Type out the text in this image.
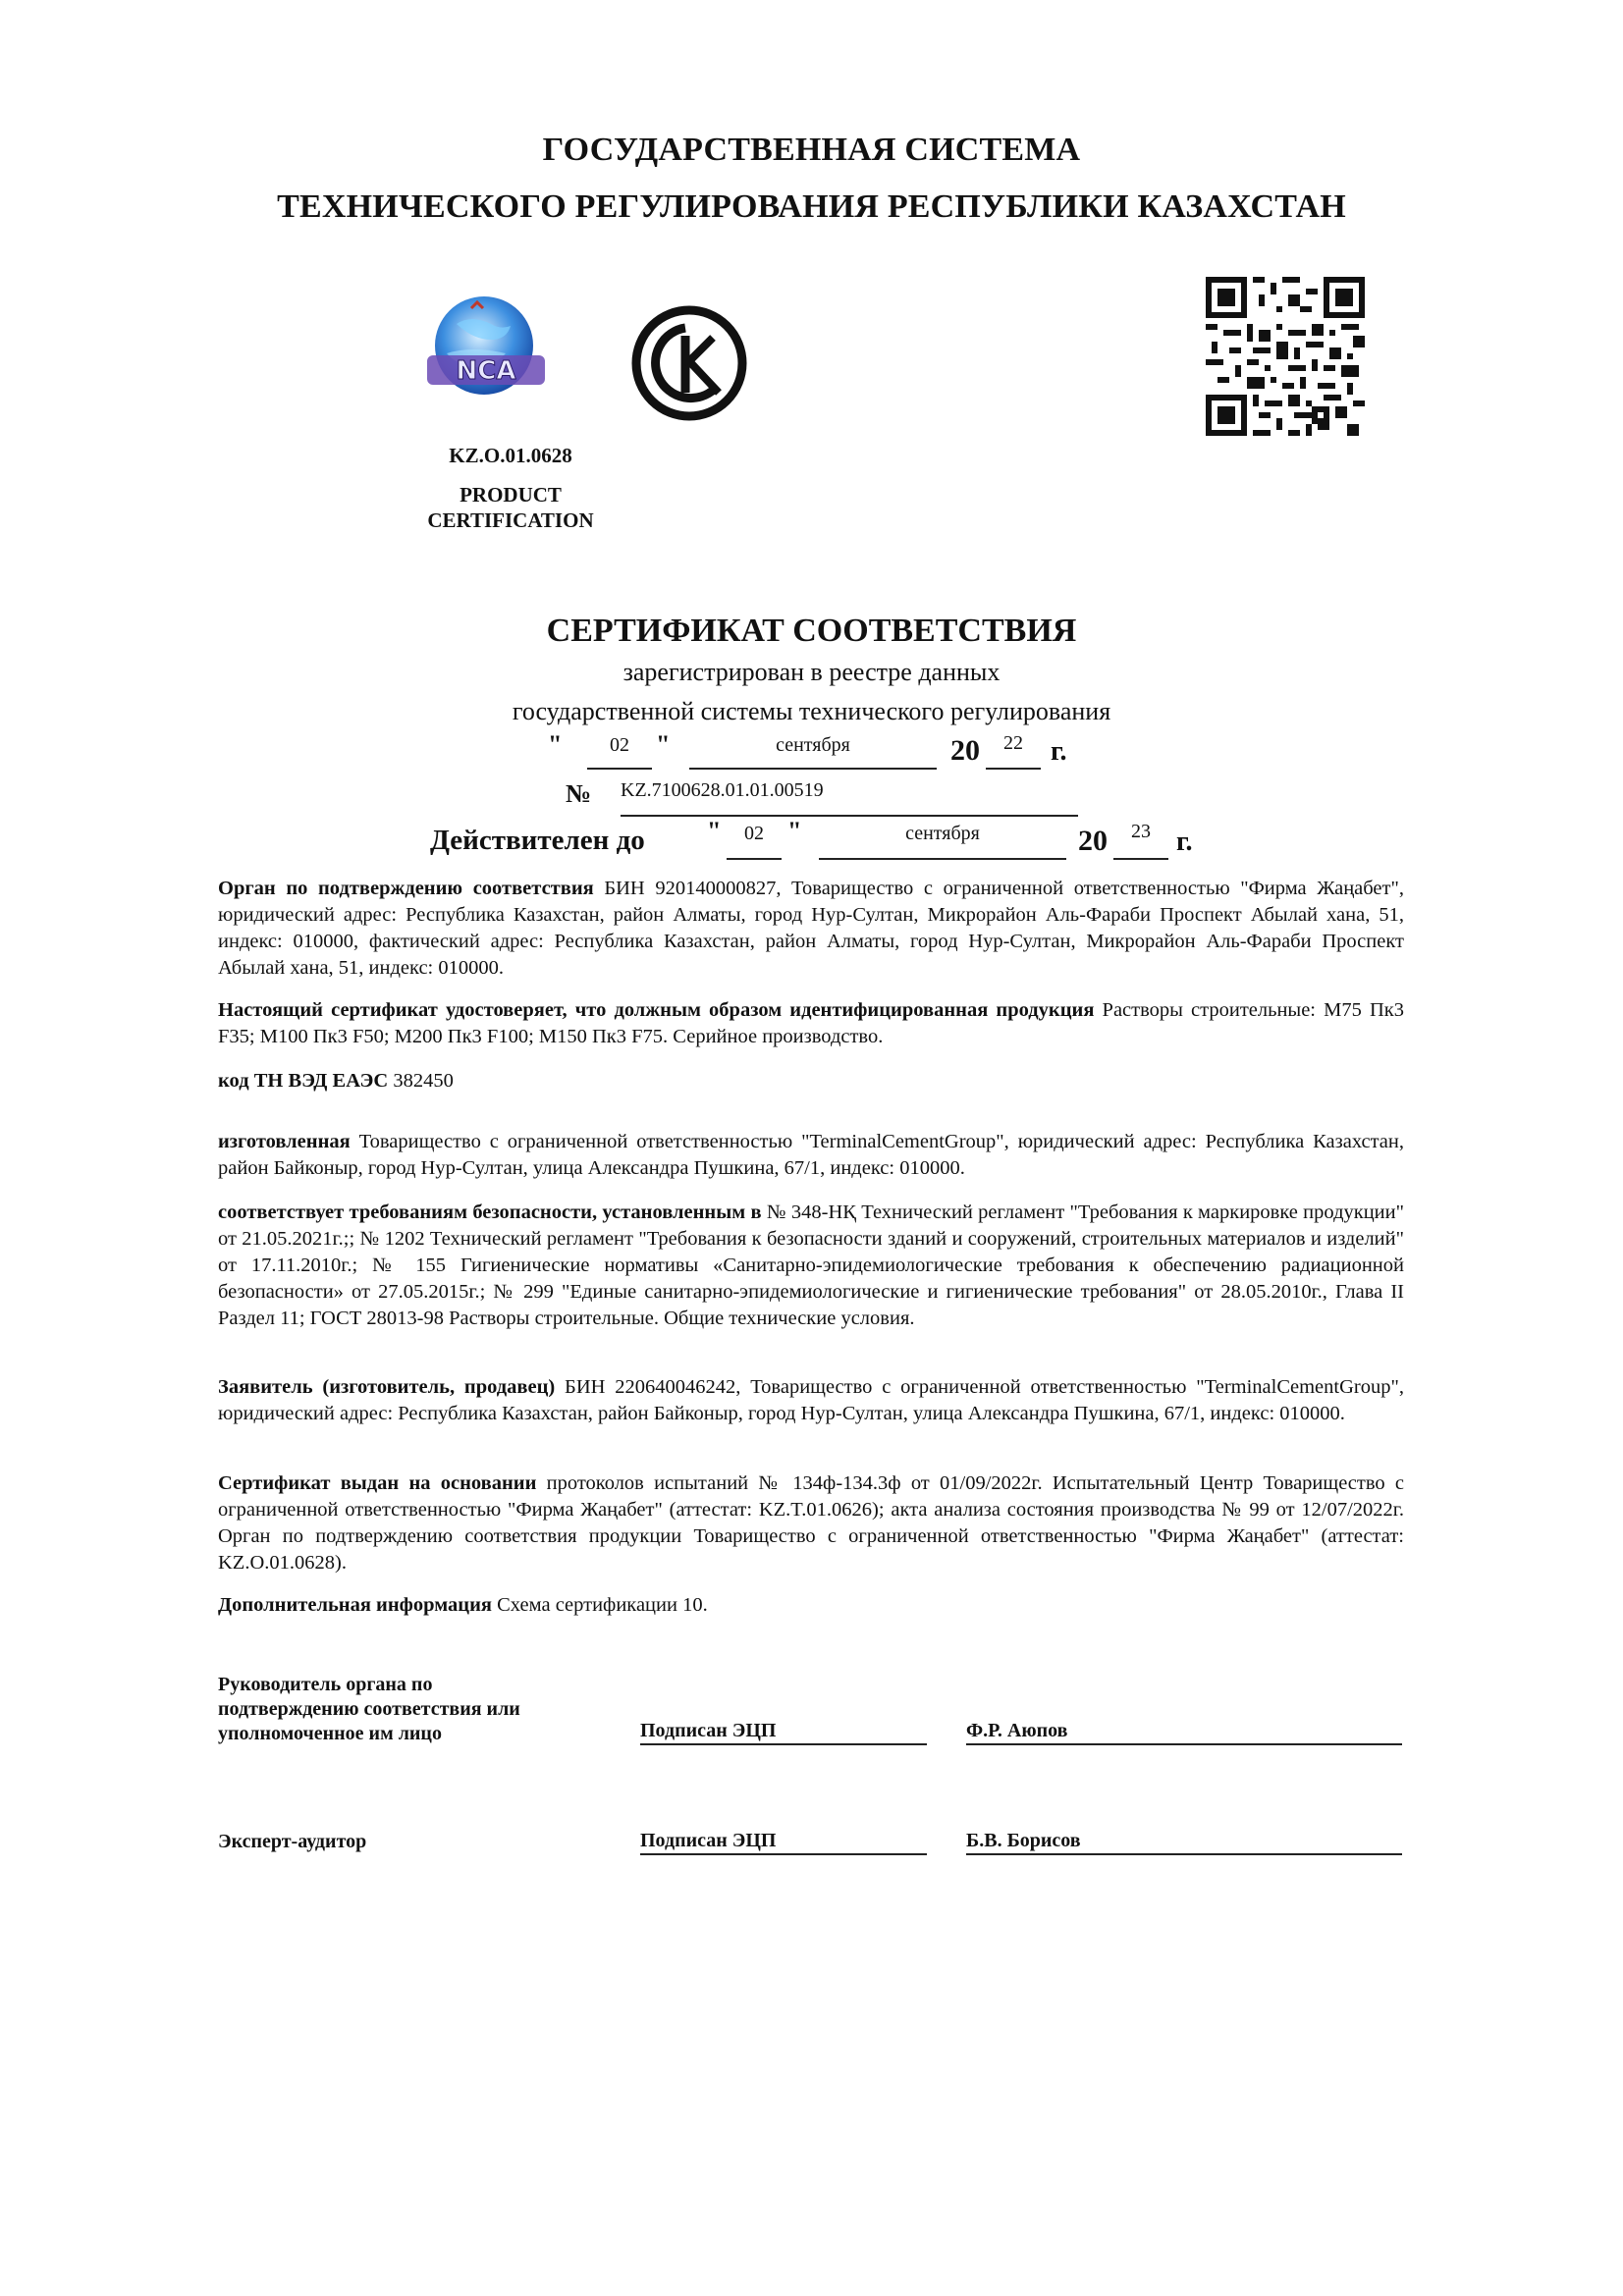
ГОСУДАРСТВЕННАЯ СИСТЕМА
ТЕХНИЧЕСКОГО РЕГУЛИРОВАНИЯ РЕСПУБЛИКИ КАЗАХСТАН
NCA
KZ.O.01.0628
PRODUCT
CERTIFICATION
СЕРТИФИКАТ СООТВЕТСТВИЯ
зарегистрирован в реестре данных
государственной системы технического регулирования
"	02	"	сентября	20	22	г.
№ KZ.7100628.01.01.00519
Действителен до "	02 "	сентября	20	23 г.
Орган по подтверждению соответствия БИН 920140000827, Товарищество с ограниченной ответственностью "Фирма Жаңабет", юридический адрес: Республика Казахстан, район Алматы, город Нур-Султан, Микрорайон Аль-Фараби Проспект Абылай хана, 51, индекс: 010000, фактический адрес: Республика Казахстан, район Алматы, город Нур-Султан, Микрорайон Аль-Фараби Проспект Абылай хана, 51, индекс: 010000.
Настоящий сертификат удостоверяет, что должным образом идентифицированная продукция Растворы строительные: М75 Пк3 F35; М100 Пк3 F50; М200 Пк3 F100; М150 Пк3 F75. Серийное производство.
код ТН ВЭД ЕАЭС 382450
изготовленная Товарищество с ограниченной ответственностью "TerminalCementGroup", юридический адрес: Республика Казахстан, район Байконыр, город Нур-Султан, улица Александра Пушкина, 67/1, индекс: 010000.
соответствует требованиям безопасности, установленным в № 348-НҚ Технический регламент "Требования к маркировке продукции" от 21.05.2021г.;; № 1202 Технический регламент "Требования к безопасности зданий и сооружений, строительных материалов и изделий" от 17.11.2010г.; № 155 Гигиенические нормативы «Санитарно-эпидемиологические требования к обеспечению радиационной безопасности» от 27.05.2015г.; № 299 "Единые санитарно-эпидемиологические и гигиенические требования" от 28.05.2010г., Глава II Раздел 11; ГОСТ 28013-98 Растворы строительные. Общие технические условия.
Заявитель (изготовитель, продавец) БИН 220640046242, Товарищество с ограниченной ответственностью "TerminalCementGroup", юридический адрес: Республика Казахстан, район Байконыр, город Нур-Султан, улица Александра Пушкина, 67/1, индекс: 010000.
Сертификат выдан на основании протоколов испытаний № 134ф-134.3ф от 01/09/2022г. Испытательный Центр Товарищество с ограниченной ответственностью "Фирма Жаңабет" (аттестат: KZ.T.01.0626); акта анализа состояния производства № 99 от 12/07/2022г. Орган по подтверждению соответствия продукции Товарищество с ограниченной ответственностью "Фирма Жаңабет" (аттестат: KZ.O.01.0628).
Дополнительная информация Схема сертификации 10.
Руководитель органа по
подтверждению соответствия или
уполномоченное им лицо	Подписан ЭЦП	Ф.Р. Аюпов
Эксперт-аудитор	Подписан ЭЦП	Б.В. Борисов
